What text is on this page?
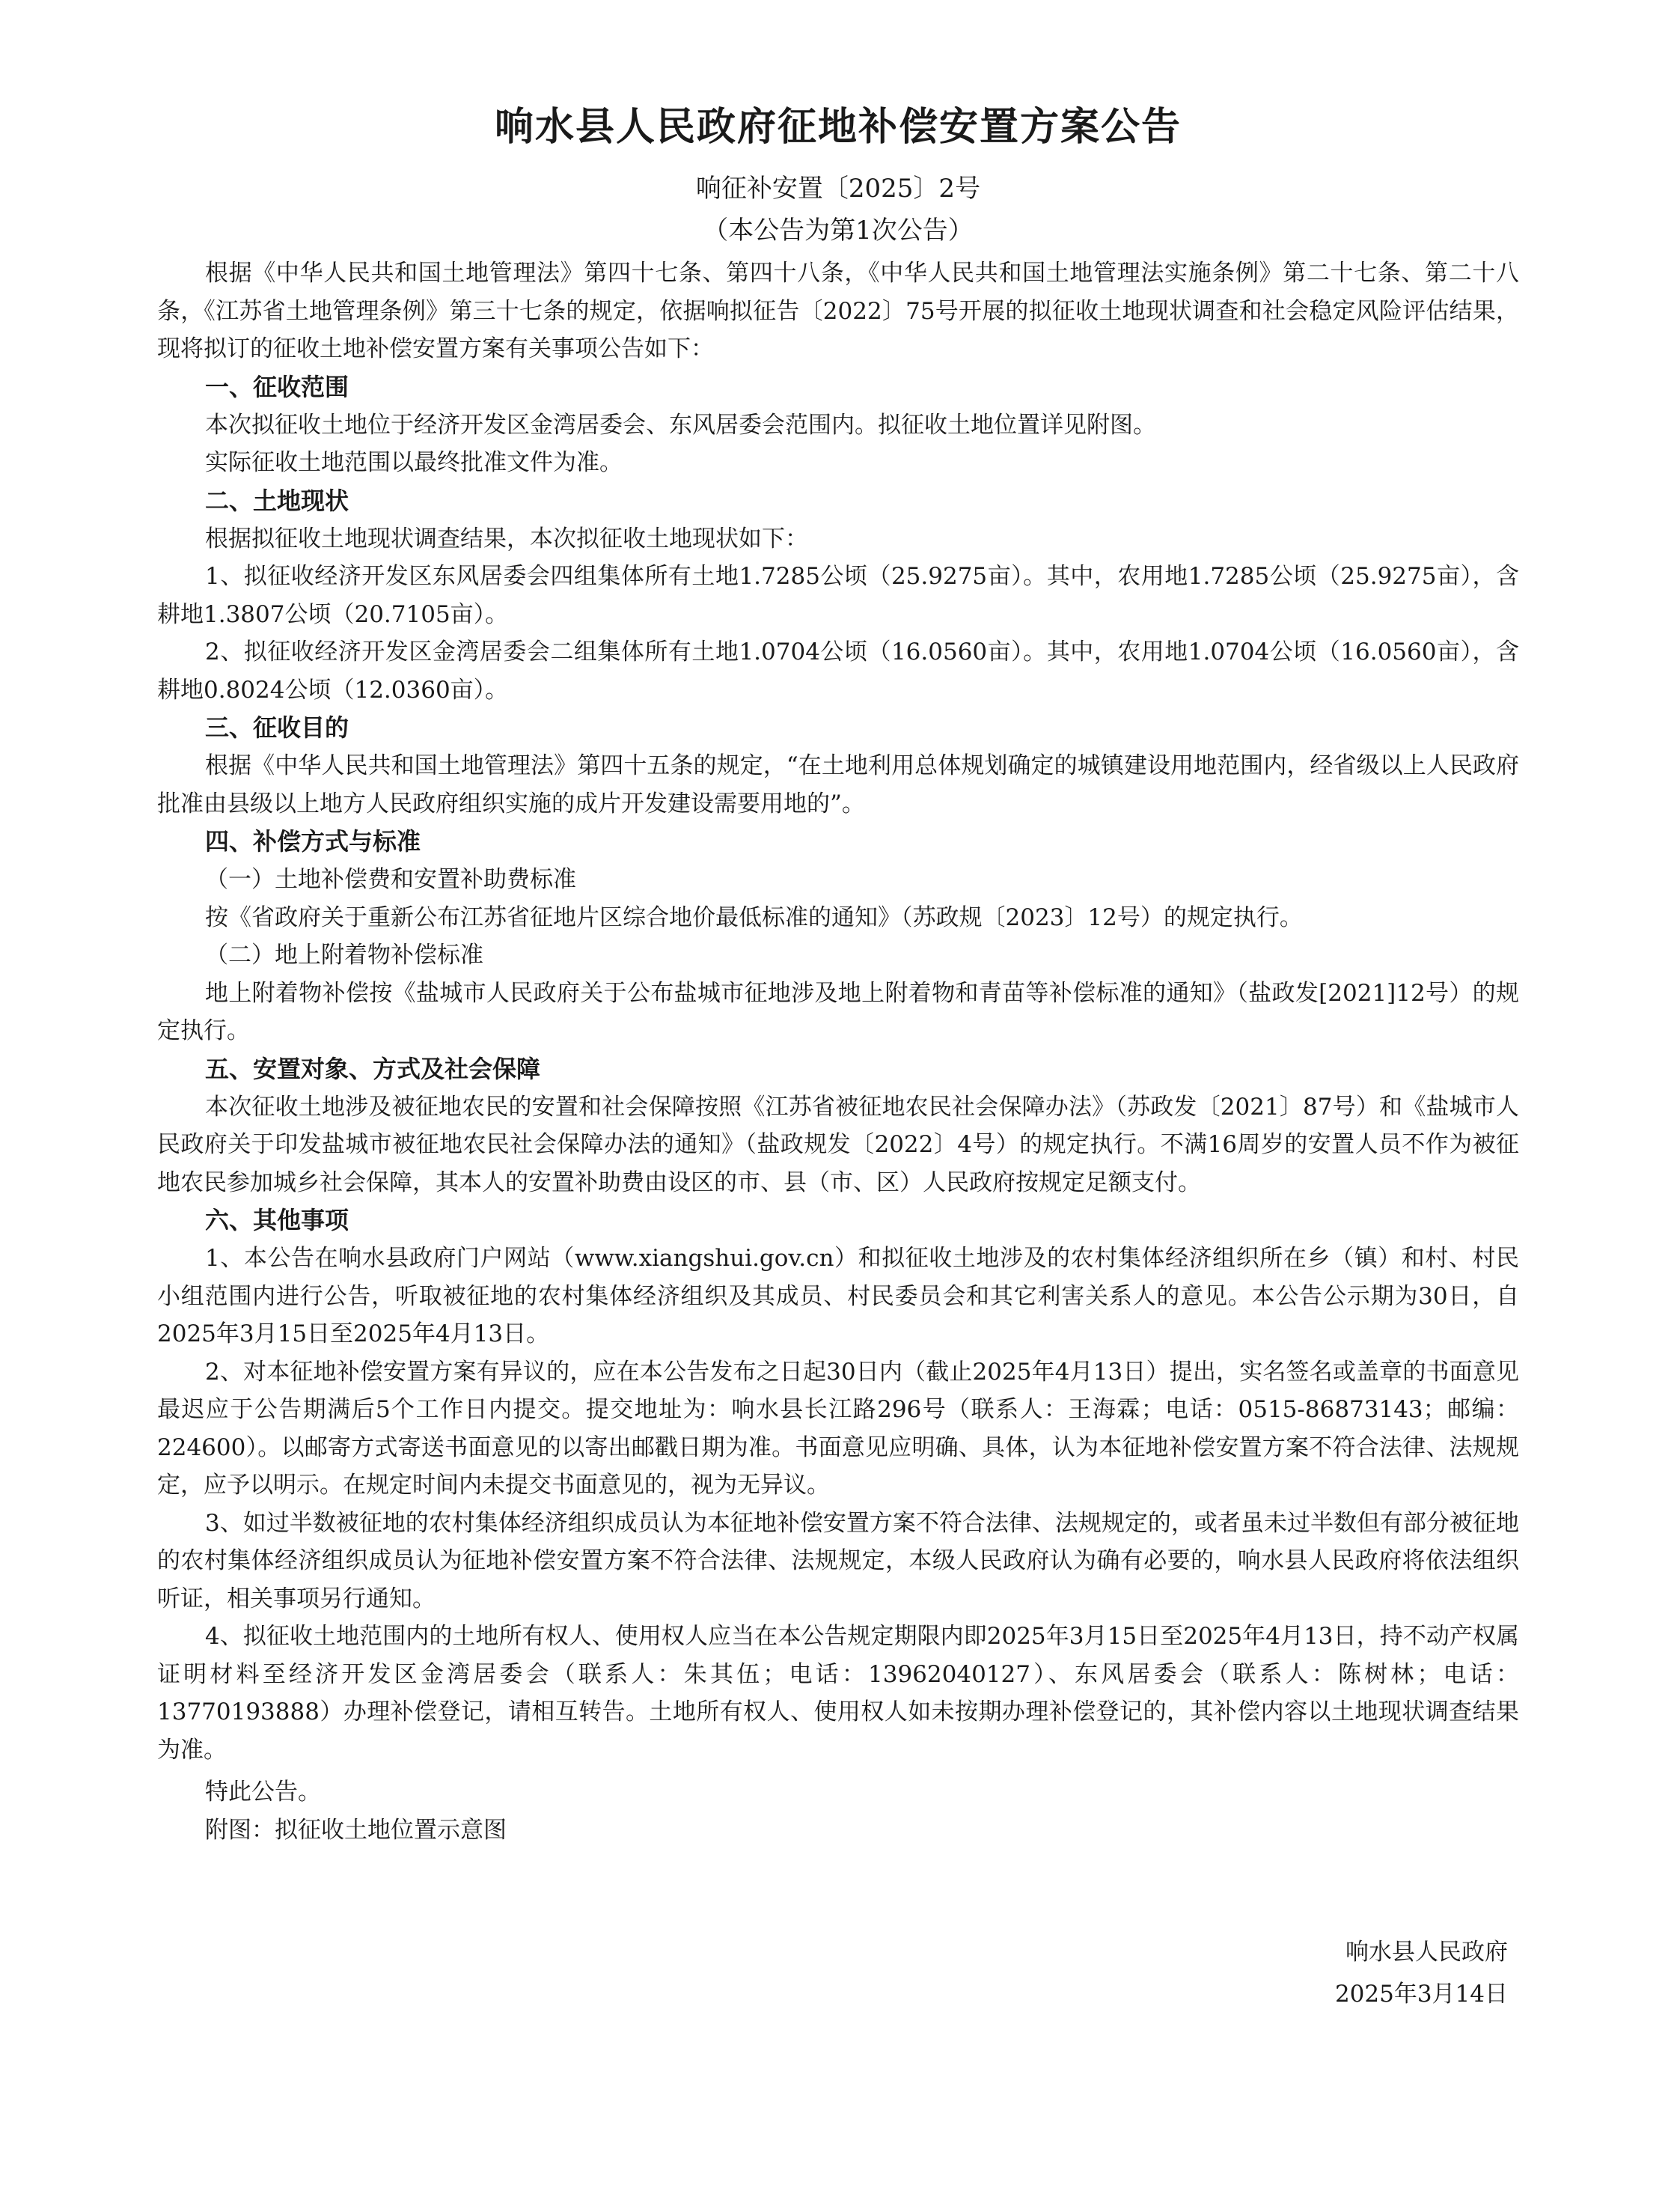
响水县人民政府征地补偿安置方案公告
响征补安置〔2025〕2号
（本公告为第1次公告）

根据《中华人民共和国土地管理法》第四十七条、第四十八条，《中华人民共和国土地管理法实施条例》第二十七条、第二十八条，《江苏省土地管理条例》第三十七条的规定，依据响拟征告〔2022〕75号开展的拟征收土地现状调查和社会稳定风险评估结果，现将拟订的征收土地补偿安置方案有关事项公告如下：

一、征收范围

本次拟征收土地位于经济开发区金湾居委会、东风居委会范围内。拟征收土地位置详见附图。

实际征收土地范围以最终批准文件为准。

二、土地现状

根据拟征收土地现状调查结果，本次拟征收土地现状如下：

1、拟征收经济开发区东风居委会四组集体所有土地1.7285公顷（25.9275亩）。其中，农用地1.7285公顷（25.9275亩），含耕地1.3807公顷（20.7105亩）。

2、拟征收经济开发区金湾居委会二组集体所有土地1.0704公顷（16.0560亩）。其中，农用地1.0704公顷（16.0560亩），含耕地0.8024公顷（12.0360亩）。

三、征收目的

根据《中华人民共和国土地管理法》第四十五条的规定，“在土地利用总体规划确定的城镇建设用地范围内，经省级以上人民政府批准由县级以上地方人民政府组织实施的成片开发建设需要用地的”。

四、补偿方式与标准

（一）土地补偿费和安置补助费标准

按《省政府关于重新公布江苏省征地片区综合地价最低标准的通知》（苏政规〔2023〕12号）的规定执行。

（二）地上附着物补偿标准

地上附着物补偿按《盐城市人民政府关于公布盐城市征地涉及地上附着物和青苗等补偿标准的通知》（盐政发[2021]12号）的规定执行。

五、安置对象、方式及社会保障

本次征收土地涉及被征地农民的安置和社会保障按照《江苏省被征地农民社会保障办法》（苏政发〔2021〕87号）和《盐城市人民政府关于印发盐城市被征地农民社会保障办法的通知》（盐政规发〔2022〕4号）的规定执行。不满16周岁的安置人员不作为被征地农民参加城乡社会保障，其本人的安置补助费由设区的市、县（市、区）人民政府按规定足额支付。

六、其他事项

1、本公告在响水县政府门户网站（www.xiangshui.gov.cn）和拟征收土地涉及的农村集体经济组织所在乡（镇）和村、村民小组范围内进行公告，听取被征地的农村集体经济组织及其成员、村民委员会和其它利害关系人的意见。本公告公示期为30日，自2025年3月15日至2025年4月13日。

2、对本征地补偿安置方案有异议的，应在本公告发布之日起30日内（截止2025年4月13日）提出，实名签名或盖章的书面意见最迟应于公告期满后5个工作日内提交。提交地址为：响水县长江路296号（联系人：王海霖；电话：0515-86873143；邮编：224600）。以邮寄方式寄送书面意见的以寄出邮戳日期为准。书面意见应明确、具体，认为本征地补偿安置方案不符合法律、法规规定，应予以明示。在规定时间内未提交书面意见的，视为无异议。

3、如过半数被征地的农村集体经济组织成员认为本征地补偿安置方案不符合法律、法规规定的，或者虽未过半数但有部分被征地的农村集体经济组织成员认为征地补偿安置方案不符合法律、法规规定，本级人民政府认为确有必要的，响水县人民政府将依法组织听证，相关事项另行通知。

4、拟征收土地范围内的土地所有权人、使用权人应当在本公告规定期限内即2025年3月15日至2025年4月13日，持不动产权属证明材料至经济开发区金湾居委会（联系人：朱其伍；电话：13962040127）、东风居委会（联系人：陈树林；电话：13770193888）办理补偿登记，请相互转告。土地所有权人、使用权人如未按期办理补偿登记的，其补偿内容以土地现状调查结果为准。

特此公告。

附图：拟征收土地位置示意图

响水县人民政府
2025年3月14日
